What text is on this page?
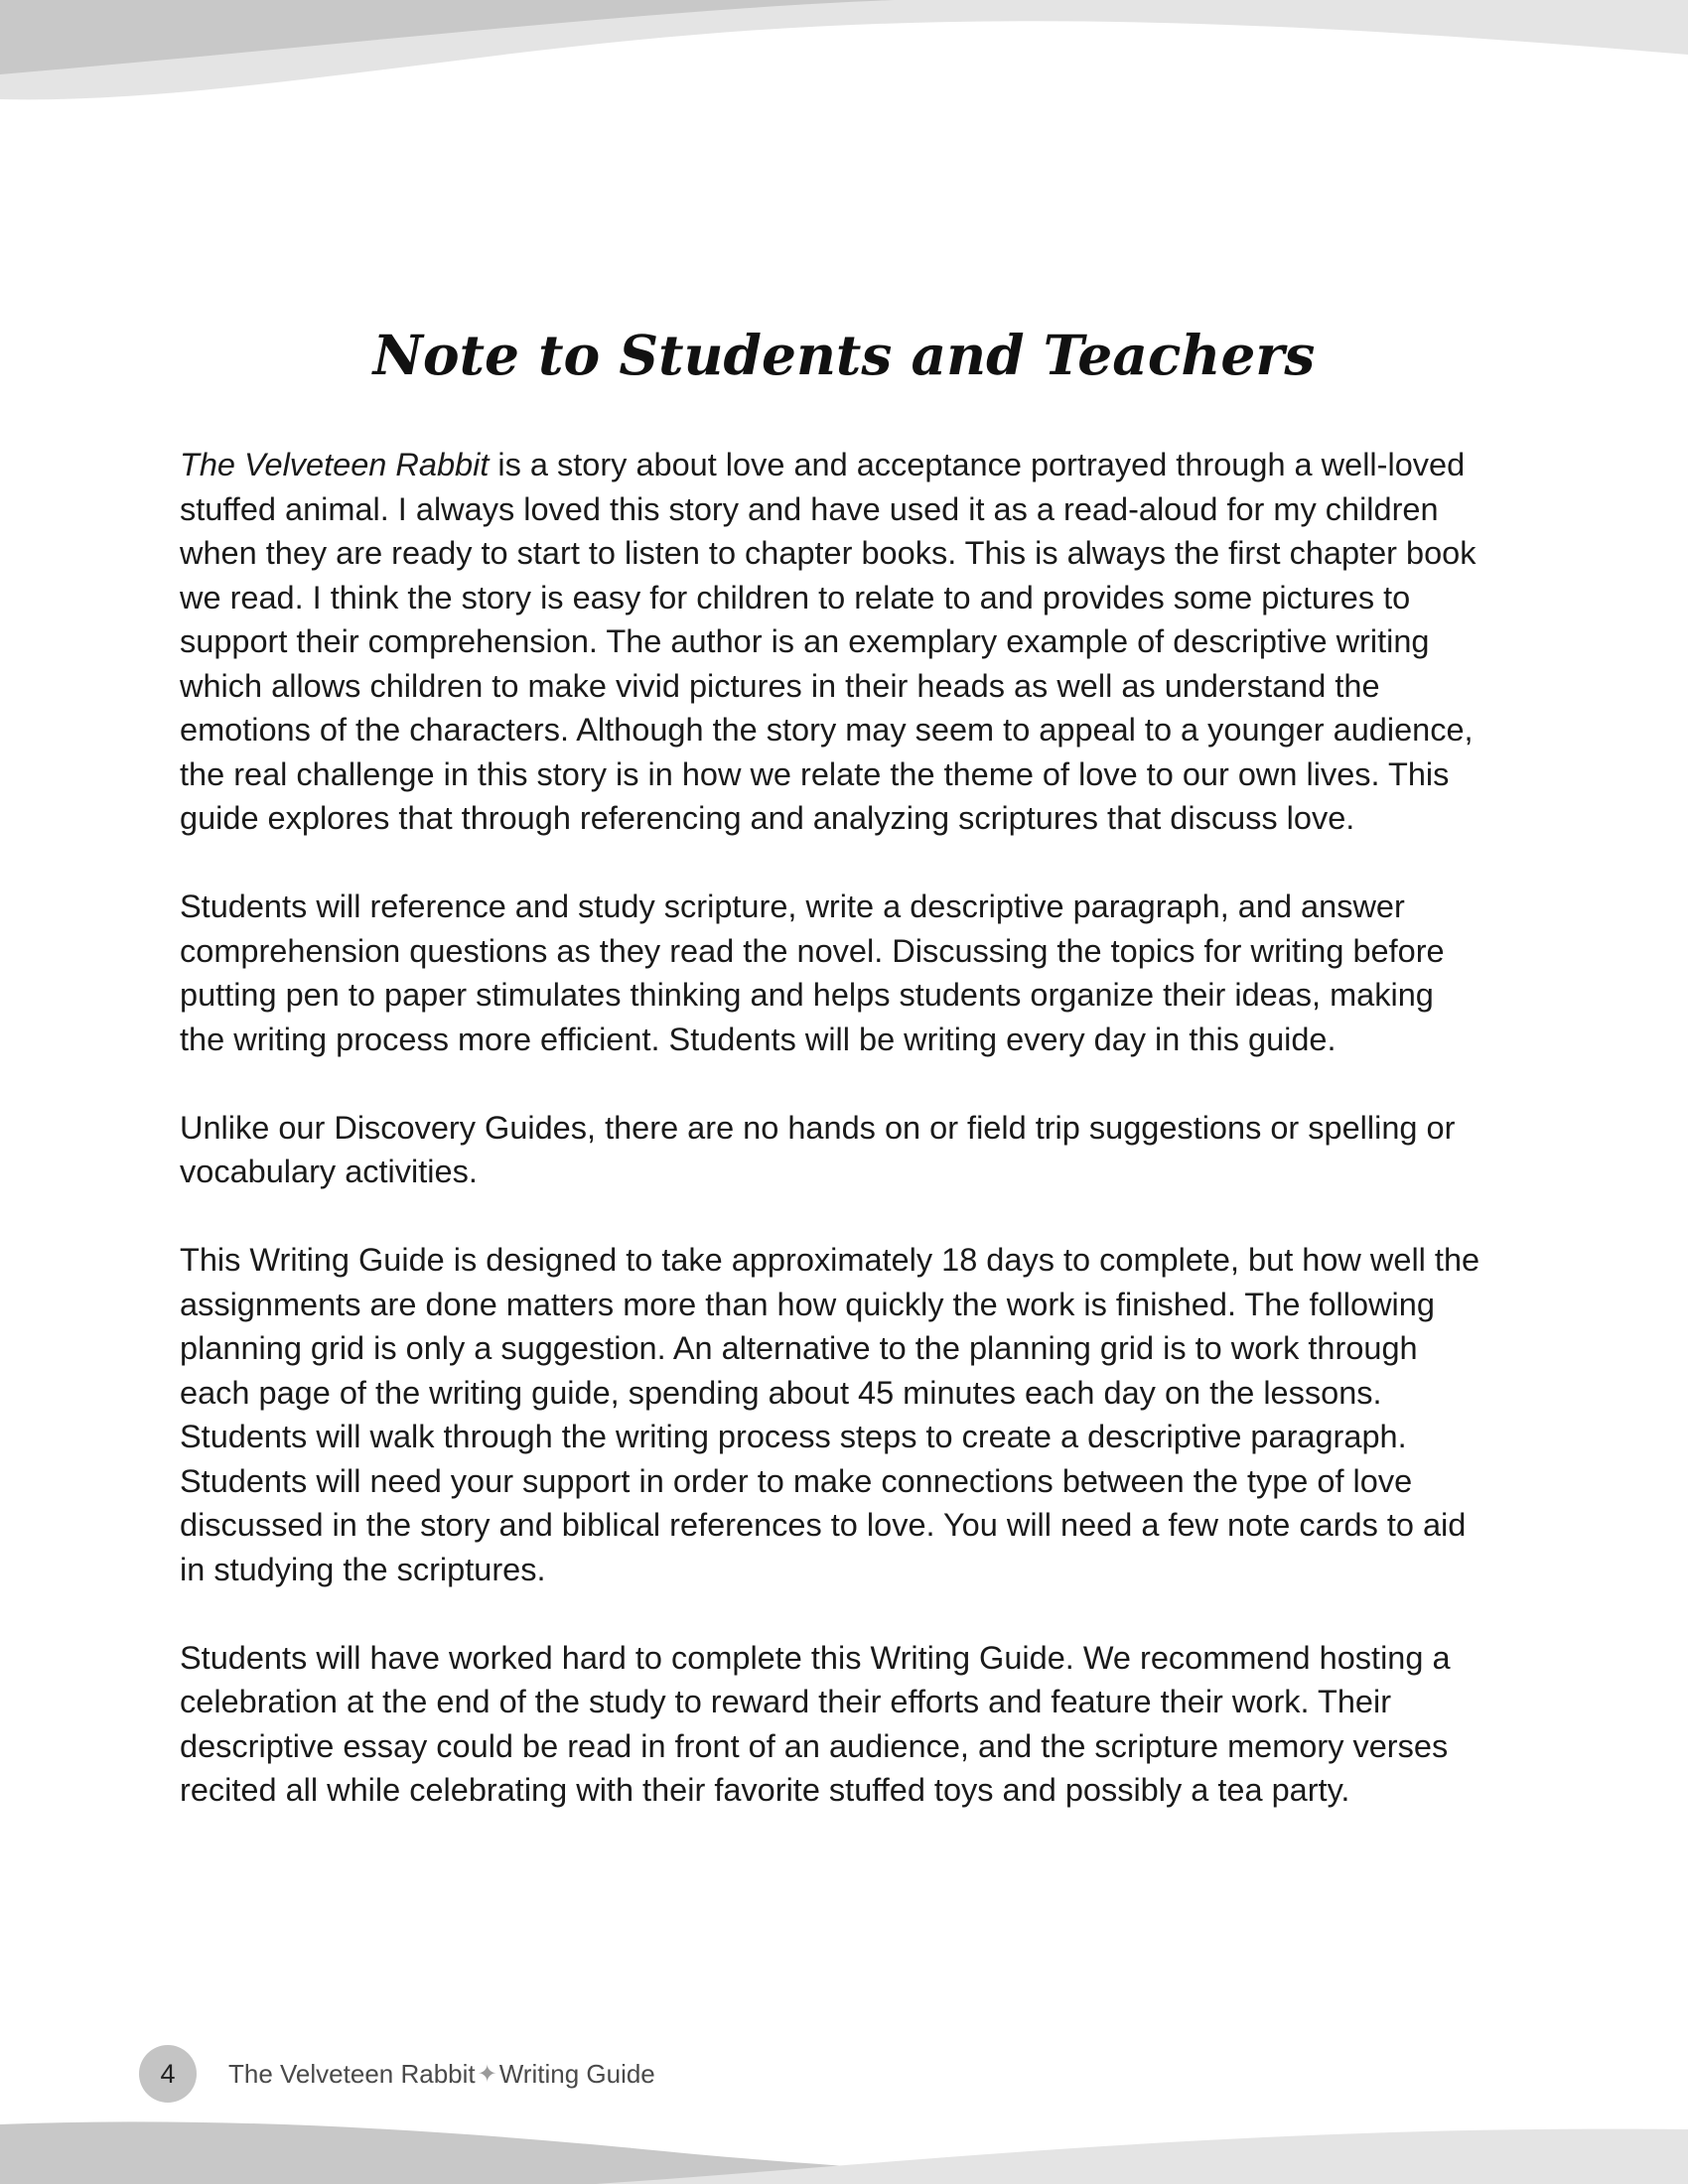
Note to Students and Teachers

The Velveteen Rabbit is a story about love and acceptance portrayed through a well-loved stuffed animal. I always loved this story and have used it as a read-aloud for my children when they are ready to start to listen to chapter books. This is always the first chapter book we read. I think the story is easy for children to relate to and provides some pictures to support their comprehension. The author is an exemplary example of descriptive writing which allows children to make vivid pictures in their heads as well as understand the emotions of the characters. Although the story may seem to appeal to a younger audience, the real challenge in this story is in how we relate the theme of love to our own lives. This guide explores that through referencing and analyzing scriptures that discuss love.

Students will reference and study scripture, write a descriptive paragraph, and answer comprehension questions as they read the novel. Discussing the topics for writing before putting pen to paper stimulates thinking and helps students organize their ideas, making the writing process more efficient. Students will be writing every day in this guide.

Unlike our Discovery Guides, there are no hands on or field trip suggestions or spelling or vocabulary activities.

This Writing Guide is designed to take approximately 18 days to complete, but how well the assignments are done matters more than how quickly the work is finished. The following planning grid is only a suggestion. An alternative to the planning grid is to work through each page of the writing guide, spending about 45 minutes each day on the lessons. Students will walk through the writing process steps to create a descriptive paragraph. Students will need your support in order to make connections between the type of love discussed in the story and biblical references to love. You will need a few note cards to aid in studying the scriptures.

Students will have worked hard to complete this Writing Guide. We recommend hosting a celebration at the end of the study to reward their efforts and feature their work. Their descriptive essay could be read in front of an audience, and the scripture memory verses recited all while celebrating with their favorite stuffed toys and possibly a tea party.

4 The Velveteen Rabbit ✦ Writing Guide
